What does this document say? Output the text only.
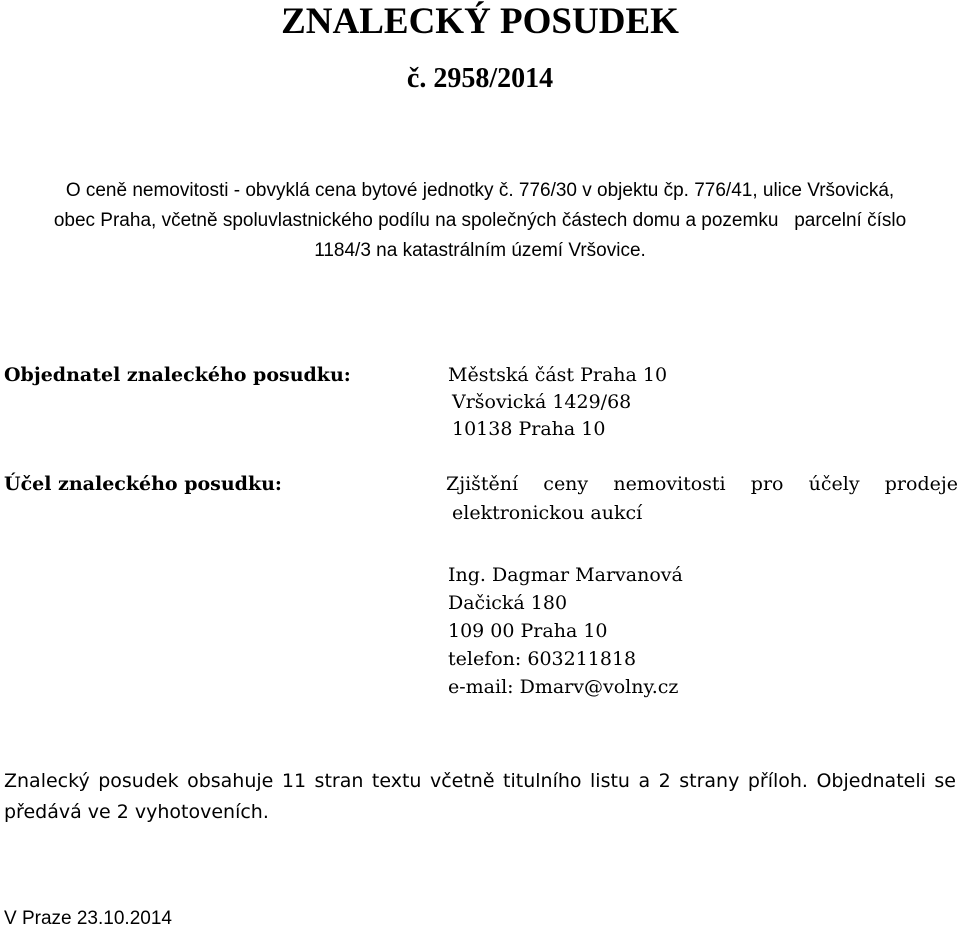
ZNALECKÝ POSUDEK
č. 2958/2014
O ceně nemovitosti - obvyklá cena bytové jednotky č. 776/30 v objektu čp. 776/41, ulice Vršovická,
obec Praha, včetně spoluvlastnického podílu na společných částech domu a pozemku   parcelní číslo
1184/3 na katastrálním území Vršovice.
Objednatel znaleckého posudku:	Městská část Praha 10
Vršovická 1429/68
10138 Praha 10
Účel znaleckého posudku:	Zjištění ceny nemovitosti pro účely prodeje
elektronickou aukcí
Ing. Dagmar Marvanová
Dačická 180
109 00 Praha 10
telefon: 603211818
e-mail: Dmarv@volny.cz
Znalecký posudek obsahuje 11 stran textu včetně titulního listu a 2 strany příloh. Objednateli se předává ve 2 vyhotoveních.
V Praze 23.10.2014
